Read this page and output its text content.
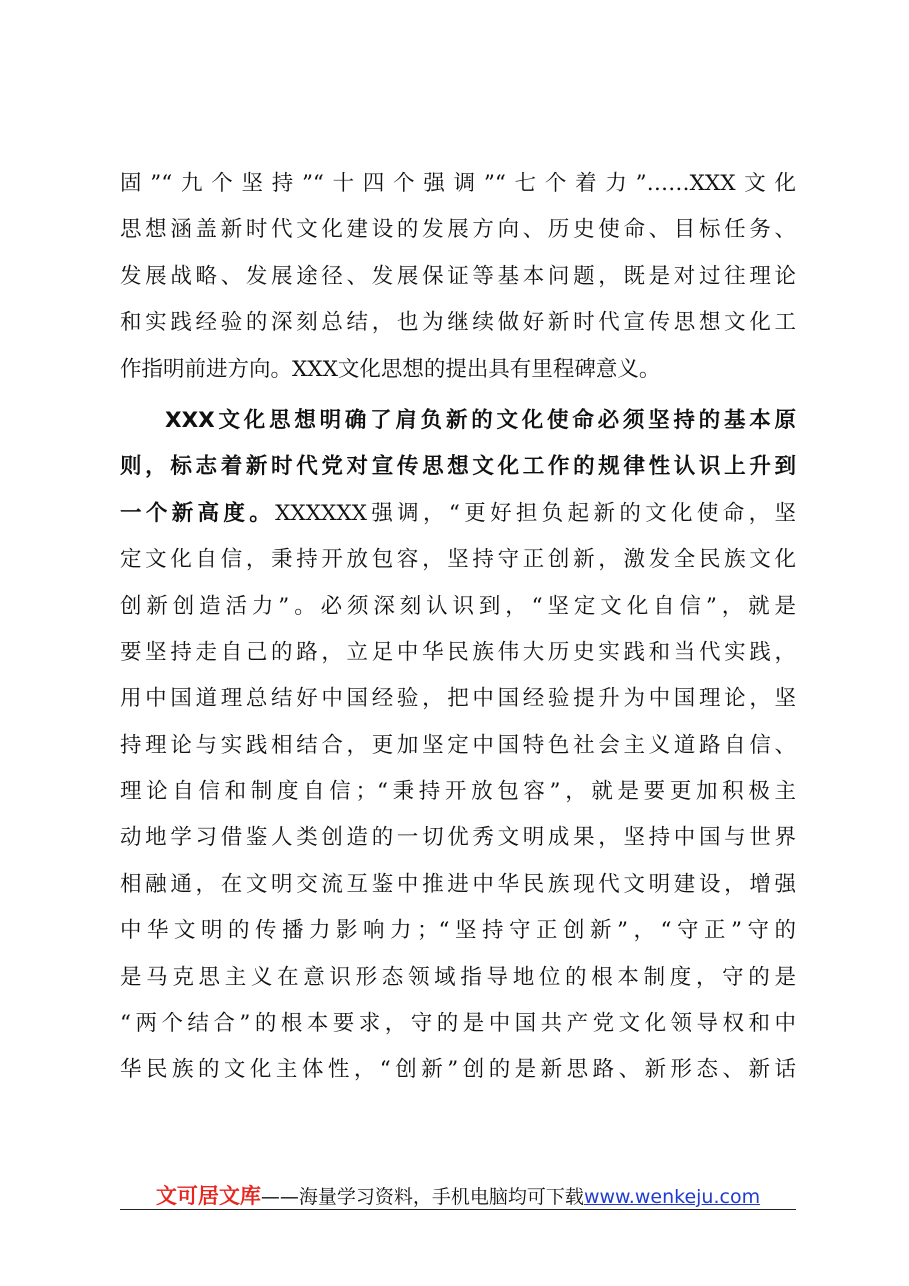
固”“九个坚持”“十四个强调”“七个着力”……XXX文化
思想涵盖新时代文化建设的发展方向、历史使命、目标任务、
发展战略、发展途径、发展保证等基本问题，既是对过往理论
和实践经验的深刻总结，也为继续做好新时代宣传思想文化工
作指明前进方向。XXX文化思想的提出具有里程碑意义。
XXX文化思想明确了肩负新的文化使命必须坚持的基本原
则，标志着新时代党对宣传思想文化工作的规律性认识上升到
一个新高度。XXXXXX强调，“更好担负起新的文化使命，坚
定文化自信，秉持开放包容，坚持守正创新，激发全民族文化
创新创造活力”。必须深刻认识到，“坚定文化自信”，就是
要坚持走自己的路，立足中华民族伟大历史实践和当代实践，
用中国道理总结好中国经验，把中国经验提升为中国理论，坚
持理论与实践相结合，更加坚定中国特色社会主义道路自信、
理论自信和制度自信；“秉持开放包容”，就是要更加积极主
动地学习借鉴人类创造的一切优秀文明成果，坚持中国与世界
相融通，在文明交流互鉴中推进中华民族现代文明建设，增强
中华文明的传播力影响力；“坚持守正创新”，“守正”守的
是马克思主义在意识形态领域指导地位的根本制度，守的是
“两个结合”的根本要求，守的是中国共产党文化领导权和中
华民族的文化主体性，“创新”创的是新思路、新形态、新话
文可居文库——海量学习资料，手机电脑均可下载www.wenkeju.com
